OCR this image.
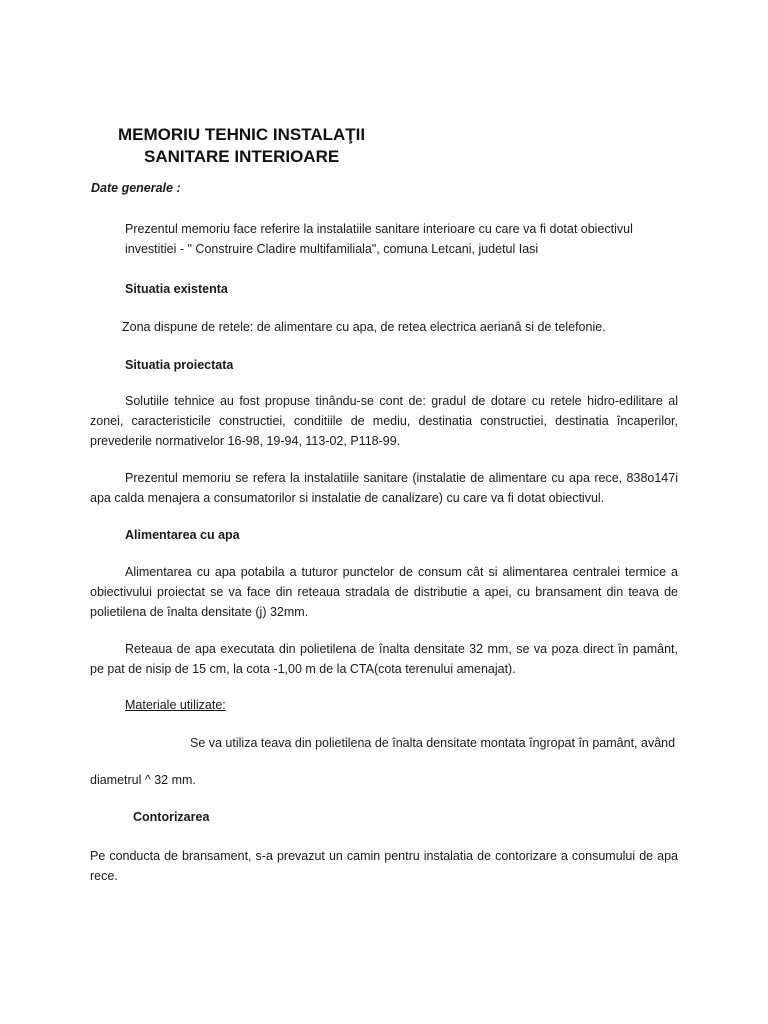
MEMORIU TEHNIC INSTALAŢII
SANITARE INTERIOARE
Date generale :
Prezentul memoriu face referire la instalatiile sanitare interioare cu care va fi dotat obiectivul
investitiei - " Construire Cladire multifamiliala", comuna Letcani, judetul Iasi
Situatia existenta
Zona dispune de retele: de alimentare cu apa, de retea electrica aerianâ si de telefonie.
Situatia proiectata
Solutiile tehnice au fost propuse tinându-se cont de: gradul de dotare cu retele hidro-edilitare al
zonei, caracteristicile constructiei, conditiile de mediu, destinatia constructiei, destinatia încaperilor,
prevederile normativelor 16-98, 19-94, 113-02, P118-99.
Prezentul memoriu se refera la instalatiile sanitare (instalatie de alimentare cu apa rece, 838o147i
apa calda menajera a consumatorilor si instalatie de canalizare) cu care va fi dotat obiectivul.
Alimentarea cu apa
Alimentarea cu apa potabila a tuturor punctelor de consum cât si alimentarea centralei termice a
obiectivului proiectat se va face din reteaua stradala de distributie a apei, cu bransament din teava de
polietilena de înalta densitate (j) 32mm.
Reteaua de apa executata din polietilena de înalta densitate 32 mm, se va poza direct în pamânt,
pe pat de nisip de 15 cm, la cota -1,00 m de la CTA(cota terenului amenajat).
Materiale utilizate:
Se va utiliza teava din polietilena de înalta densitate montata îngropat în pamânt, având
diametrul ^ 32 mm.
Contorizarea
Pe conducta de bransament, s-a prevazut un camin pentru instalatia de contorizare a consumului de apa
rece.
